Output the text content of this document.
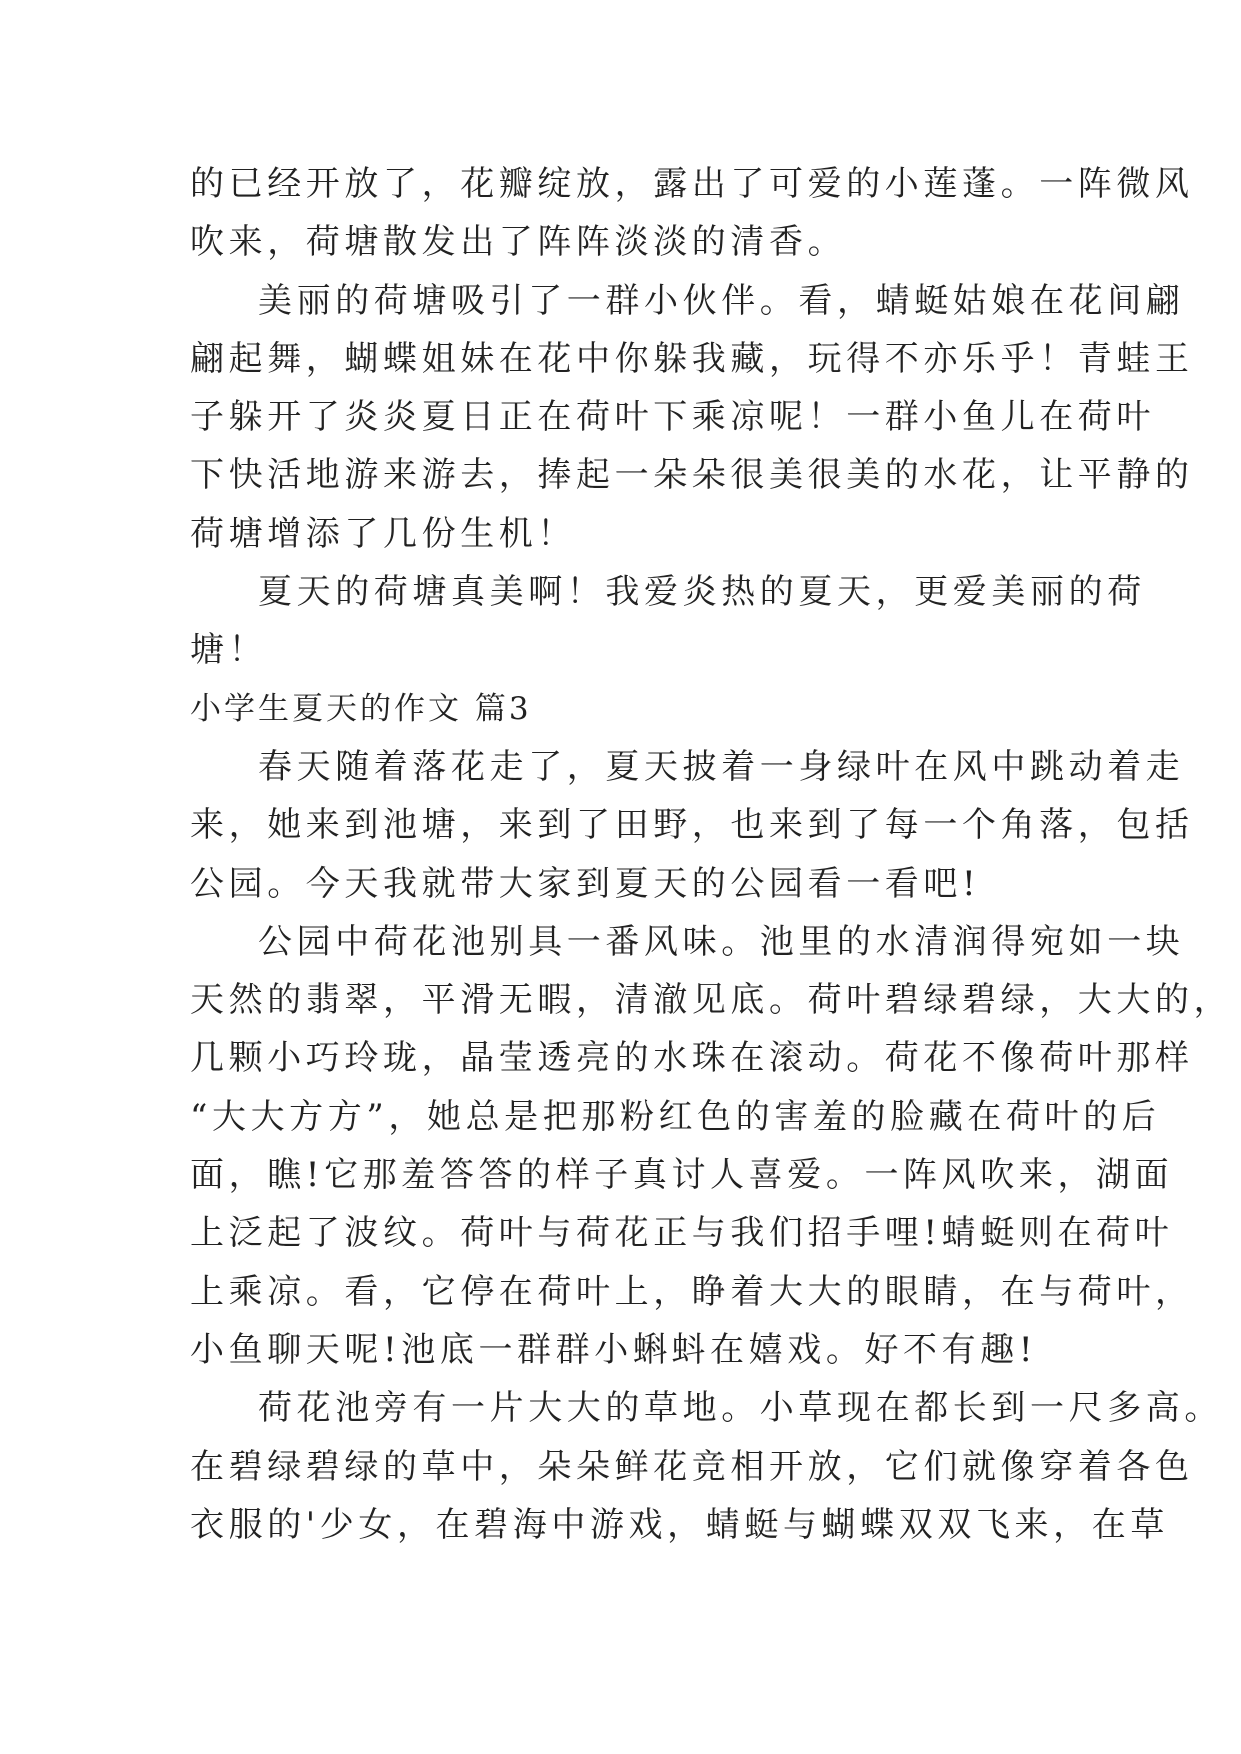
的已经开放了，花瓣绽放，露出了可爱的小莲蓬。一阵微风
吹来，荷塘散发出了阵阵淡淡的清香。
美丽的荷塘吸引了一群小伙伴。看，蜻蜓姑娘在花间翩
翩起舞，蝴蝶姐妹在花中你躲我藏，玩得不亦乐乎！青蛙王
子躲开了炎炎夏日正在荷叶下乘凉呢！一群小鱼儿在荷叶
下快活地游来游去，捧起一朵朵很美很美的水花，让平静的
荷塘增添了几份生机！
夏天的荷塘真美啊！我爱炎热的夏天，更爱美丽的荷
塘！
小学生夏天的作文 篇3
春天随着落花走了，夏天披着一身绿叶在风中跳动着走
来，她来到池塘，来到了田野，也来到了每一个角落，包括
公园。今天我就带大家到夏天的公园看一看吧!
公园中荷花池别具一番风味。池里的水清润得宛如一块
天然的翡翠，平滑无暇，清澈见底。荷叶碧绿碧绿，大大的，
几颗小巧玲珑，晶莹透亮的水珠在滚动。荷花不像荷叶那样
“大大方方”，她总是把那粉红色的害羞的脸藏在荷叶的后
面，瞧!它那羞答答的样子真讨人喜爱。一阵风吹来，湖面
上泛起了波纹。荷叶与荷花正与我们招手哩!蜻蜓则在荷叶
上乘凉。看，它停在荷叶上，睁着大大的眼睛，在与荷叶，
小鱼聊天呢!池底一群群小蝌蚪在嬉戏。好不有趣!
荷花池旁有一片大大的草地。小草现在都长到一尺多高。
在碧绿碧绿的草中，朵朵鲜花竞相开放，它们就像穿着各色
衣服的'少女，在碧海中游戏，蜻蜓与蝴蝶双双飞来，在草
